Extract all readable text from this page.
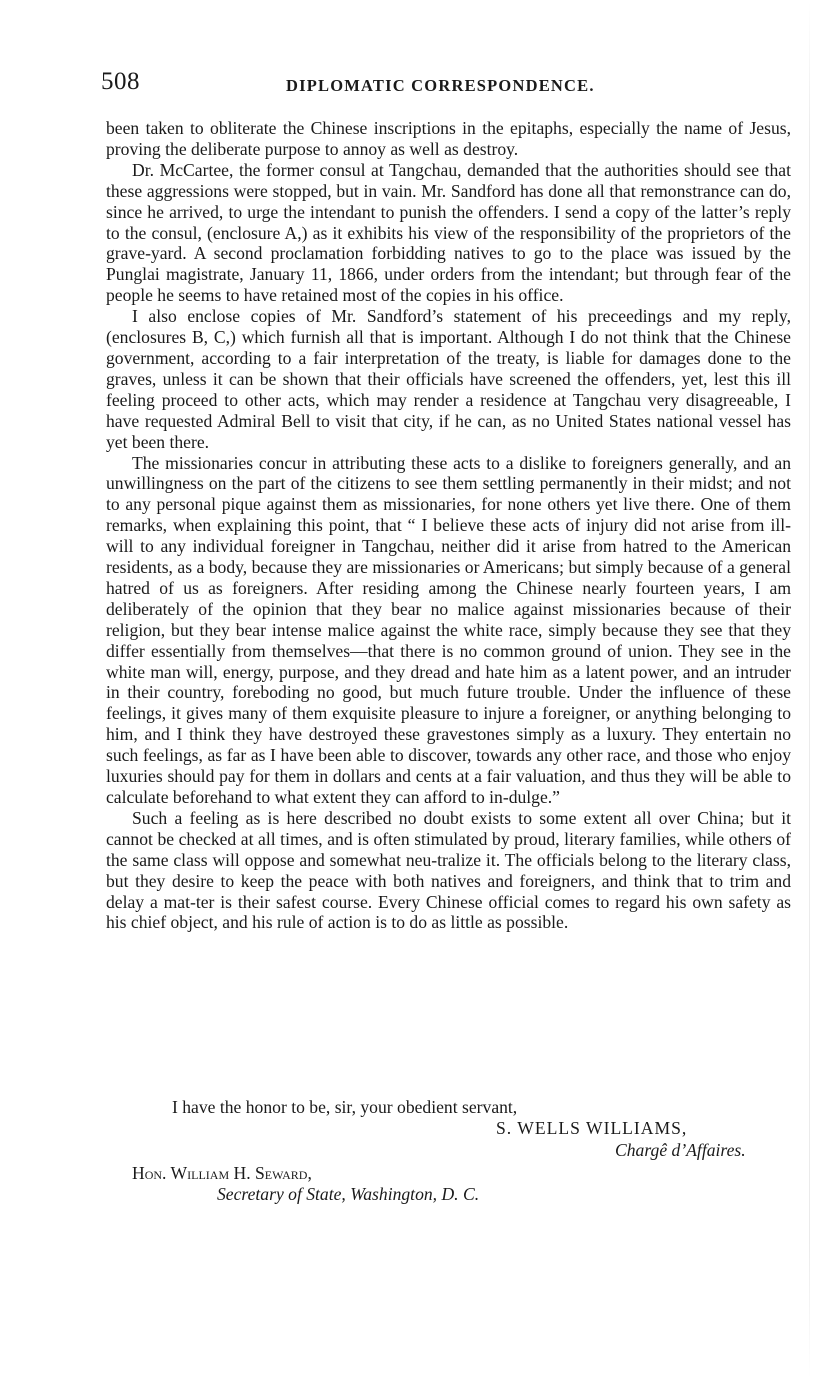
508	DIPLOMATIC CORRESPONDENCE.

been taken to obliterate the Chinese inscriptions in the epitaphs, especially the name of Jesus, proving the deliberate purpose to annoy as well as destroy.

Dr. McCartee, the former consul at Tangchau, demanded that the authorities should see that these aggressions were stopped, but in vain. Mr. Sandford has done all that remonstrance can do, since he arrived, to urge the intendant to punish the offenders. I send a copy of the latter’s reply to the consul, (enclosure A,) as it exhibits his view of the responsibility of the proprietors of the grave-yard. A second proclamation forbidding natives to go to the place was issued by the Punglai magistrate, January 11, 1866, under orders from the intendant; but through fear of the people he seems to have retained most of the copies in his office.

I also enclose copies of Mr. Sandford’s statement of his preceedings and my reply, (enclosures B, C,) which furnish all that is important. Although I do not think that the Chinese government, according to a fair interpretation of the treaty, is liable for damages done to the graves, unless it can be shown that their officials have screened the offenders, yet, lest this ill feeling proceed to other acts, which may render a residence at Tangchau very disagreeable, I have requested Admiral Bell to visit that city, if he can, as no United States national vessel has yet been there.

The missionaries concur in attributing these acts to a dislike to foreigners generally, and an unwillingness on the part of the citizens to see them settling permanently in their midst; and not to any personal pique against them as missionaries, for none others yet live there. One of them remarks, when explaining this point, that “ I believe these acts of injury did not arise from ill-will to any individual foreigner in Tangchau, neither did it arise from hatred to the American residents, as a body, because they are missionaries or Americans; but simply because of a general hatred of us as foreigners. After residing among the Chinese nearly fourteen years, I am deliberately of the opinion that they bear no malice against missionaries because of their religion, but they bear intense malice against the white race, simply because they see that they differ essentially from themselves—that there is no common ground of union. They see in the white man will, energy, purpose, and they dread and hate him as a latent power, and an intruder in their country, foreboding no good, but much future trouble. Under the influence of these feelings, it gives many of them exquisite pleasure to injure a foreigner, or anything belonging to him, and I think they have destroyed these gravestones simply as a luxury. They entertain no such feelings, as far as I have been able to discover, towards any other race, and those who enjoy luxuries should pay for them in dollars and cents at a fair valuation, and thus they will be able to calculate beforehand to what extent they can afford to in-dulge.”

Such a feeling as is here described no doubt exists to some extent all over China; but it cannot be checked at all times, and is often stimulated by proud, literary families, while others of the same class will oppose and somewhat neu-tralize it. The officials belong to the literary class, but they desire to keep the peace with both natives and foreigners, and think that to trim and delay a mat-ter is their safest course. Every Chinese official comes to regard his own safety as his chief object, and his rule of action is to do as little as possible.

I have the honor to be, sir, your obedient servant,
S. WELLS WILLIAMS,
Chargê d’Affaires.
Hon. William H. Seward,
Secretary of State, Washington, D. C.
